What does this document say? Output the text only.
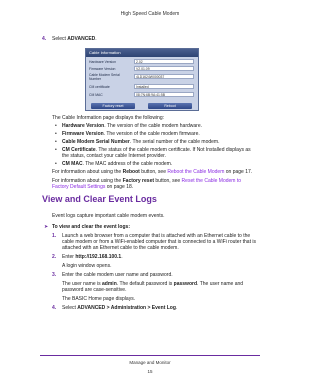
High Speed Cable Modem
4. Select ADVANCED.
Cable Information
Hardware Version	2.02
Firmware Version	V2.01.09
Cable Modem Serial
Number	4LD1624W000037
CM certificate	Installed
CM MAC	08:7N:6B:9A:41:5B
Factory reset	Reboot
The Cable Information page displays the following:
• Hardware Version. The version of the cable modem hardware.
• Firmware Version. The version of the cable modem firmware.
• Cable Modem Serial Number. The serial number of the cable modem.
• CM Certificate. The status of the cable modem certificate. If Not Installed displays as
the status, contact your cable Internet provider.
• CM MAC. The MAC address of the cable modem.
For information about using the Reboot button, see Reboot the Cable Modem on page 17.
For information about using the Factory reset button, see Reset the Cable Modem to
Factory Default Settings on page 18.
View and Clear Event Logs
Event logs capture important cable modem events.
➤ To view and clear the event logs:
1. Launch a web browser from a computer that is attached with an Ethernet cable to the
cable modem or from a WiFi-enabled computer that is connected to a WiFi router that is
attached with an Ethernet cable to the cable modem.
2. Enter http://192.168.100.1.
A login window opens.
3. Enter the cable modem user name and password.
The user name is admin. The default password is password. The user name and
password are case-sensitive.
The BASIC Home page displays.
4. Select ADVANCED > Administration > Event Log.
Manage and Monitor
15
